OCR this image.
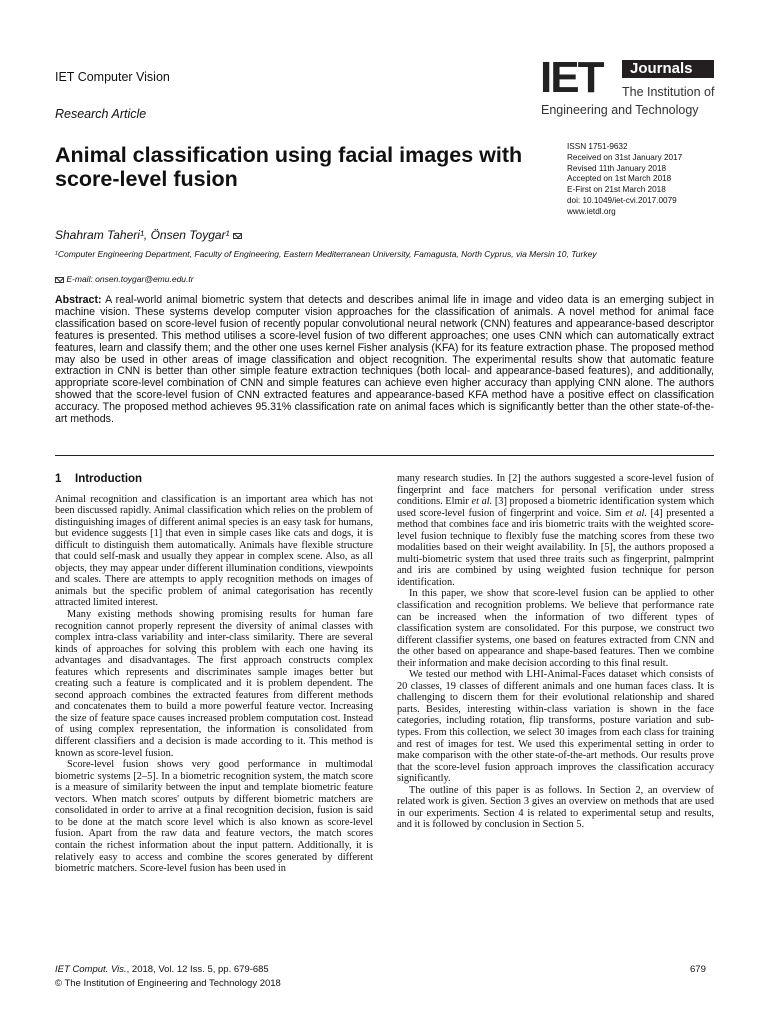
IET Computer Vision
Research Article
IET	Journals
The Institution of
Engineering and Technology
Animal classification using facial images with score-level fusion
ISSN 1751-9632
Received on 31st January 2017
Revised 11th January 2018
Accepted on 1st March 2018
E-First on 21st March 2018
doi: 10.1049/iet-cvi.2017.0079
www.ietdl.org
Shahram Taheri¹, Önsen Toygar¹
¹Computer Engineering Department, Faculty of Engineering, Eastern Mediterranean University, Famagusta, North Cyprus, via Mersin 10, Turkey
E-mail: onsen.toygar@emu.edu.tr
Abstract: A real-world animal biometric system that detects and describes animal life in image and video data is an emerging subject in machine vision. These systems develop computer vision approaches for the classification of animals. A novel method for animal face classification based on score-level fusion of recently popular convolutional neural network (CNN) features and appearance-based descriptor features is presented. This method utilises a score-level fusion of two different approaches; one uses CNN which can automatically extract features, learn and classify them; and the other one uses kernel Fisher analysis (KFA) for its feature extraction phase. The proposed method may also be used in other areas of image classification and object recognition. The experimental results show that automatic feature extraction in CNN is better than other simple feature extraction techniques (both local- and appearance-based features), and additionally, appropriate score-level combination of CNN and simple features can achieve even higher accuracy than applying CNN alone. The authors showed that the score-level fusion of CNN extracted features and appearance-based KFA method have a positive effect on classification accuracy. The proposed method achieves 95.31% classification rate on animal faces which is significantly better than the other state-of-the-art methods.
1 Introduction

Animal recognition and classification is an important area which has not been discussed rapidly. Animal classification which relies on the problem of distinguishing images of different animal species is an easy task for humans, but evidence suggests [1] that even in simple cases like cats and dogs, it is difficult to distinguish them automatically. Animals have flexible structure that could self-mask and usually they appear in complex scene. Also, as all objects, they may appear under different illumination conditions, viewpoints and scales. There are attempts to apply recognition methods on images of animals but the specific problem of animal categorisation has recently attracted limited interest.

Many existing methods showing promising results for human fare recognition cannot properly represent the diversity of animal classes with complex intra-class variability and inter-class similarity. There are several kinds of approaches for solving this problem with each one having its advantages and disadvantages. The first approach constructs complex features which represents and discriminates sample images better but creating such a feature is complicated and it is problem dependent. The second approach combines the extracted features from different methods and concatenates them to build a more powerful feature vector. Increasing the size of feature space causes increased problem computation cost. Instead of using complex representation, the information is consolidated from different classifiers and a decision is made according to it. This method is known as score-level fusion.

Score-level fusion shows very good performance in multimodal biometric systems [2–5]. In a biometric recognition system, the match score is a measure of similarity between the input and template biometric feature vectors. When match scores' outputs by different biometric matchers are consolidated in order to arrive at a final recognition decision, fusion is said to be done at the match score level which is also known as score-level fusion. Apart from the raw data and feature vectors, the match scores contain the richest information about the input pattern. Additionally, it is relatively easy to access and combine the scores generated by different biometric matchers. Score-level fusion has been used in

many research studies. In [2] the authors suggested a score-level fusion of fingerprint and face matchers for personal verification under stress conditions. Elmir et al. [3] proposed a biometric identification system which used score-level fusion of fingerprint and voice. Sim et al. [4] presented a method that combines face and iris biometric traits with the weighted score-level fusion technique to flexibly fuse the matching scores from these two modalities based on their weight availability. In [5], the authors proposed a multi-biometric system that used three traits such as fingerprint, palmprint and iris are combined by using weighted fusion technique for person identification.

In this paper, we show that score-level fusion can be applied to other classification and recognition problems. We believe that performance rate can be increased when the information of two different types of classification system are consolidated. For this purpose, we construct two different classifier systems, one based on features extracted from CNN and the other based on appearance and shape-based features. Then we combine their information and make decision according to this final result.

We tested our method with LHI-Animal-Faces dataset which consists of 20 classes, 19 classes of different animals and one human faces class. It is challenging to discern them for their evolutional relationship and shared parts. Besides, interesting within-class variation is shown in the face categories, including rotation, flip transforms, posture variation and sub-types. From this collection, we select 30 images from each class for training and rest of images for test. We used this experimental setting in order to make comparison with the other state-of-the-art methods. Our results prove that the score-level fusion approach improves the classification accuracy significantly.

The outline of this paper is as follows. In Section 2, an overview of related work is given. Section 3 gives an overview on methods that are used in our experiments. Section 4 is related to experimental setup and results, and it is followed by conclusion in Section 5.

IET Comput. Vis., 2018, Vol. 12 Iss. 5, pp. 679-685
© The Institution of Engineering and Technology 2018
679
